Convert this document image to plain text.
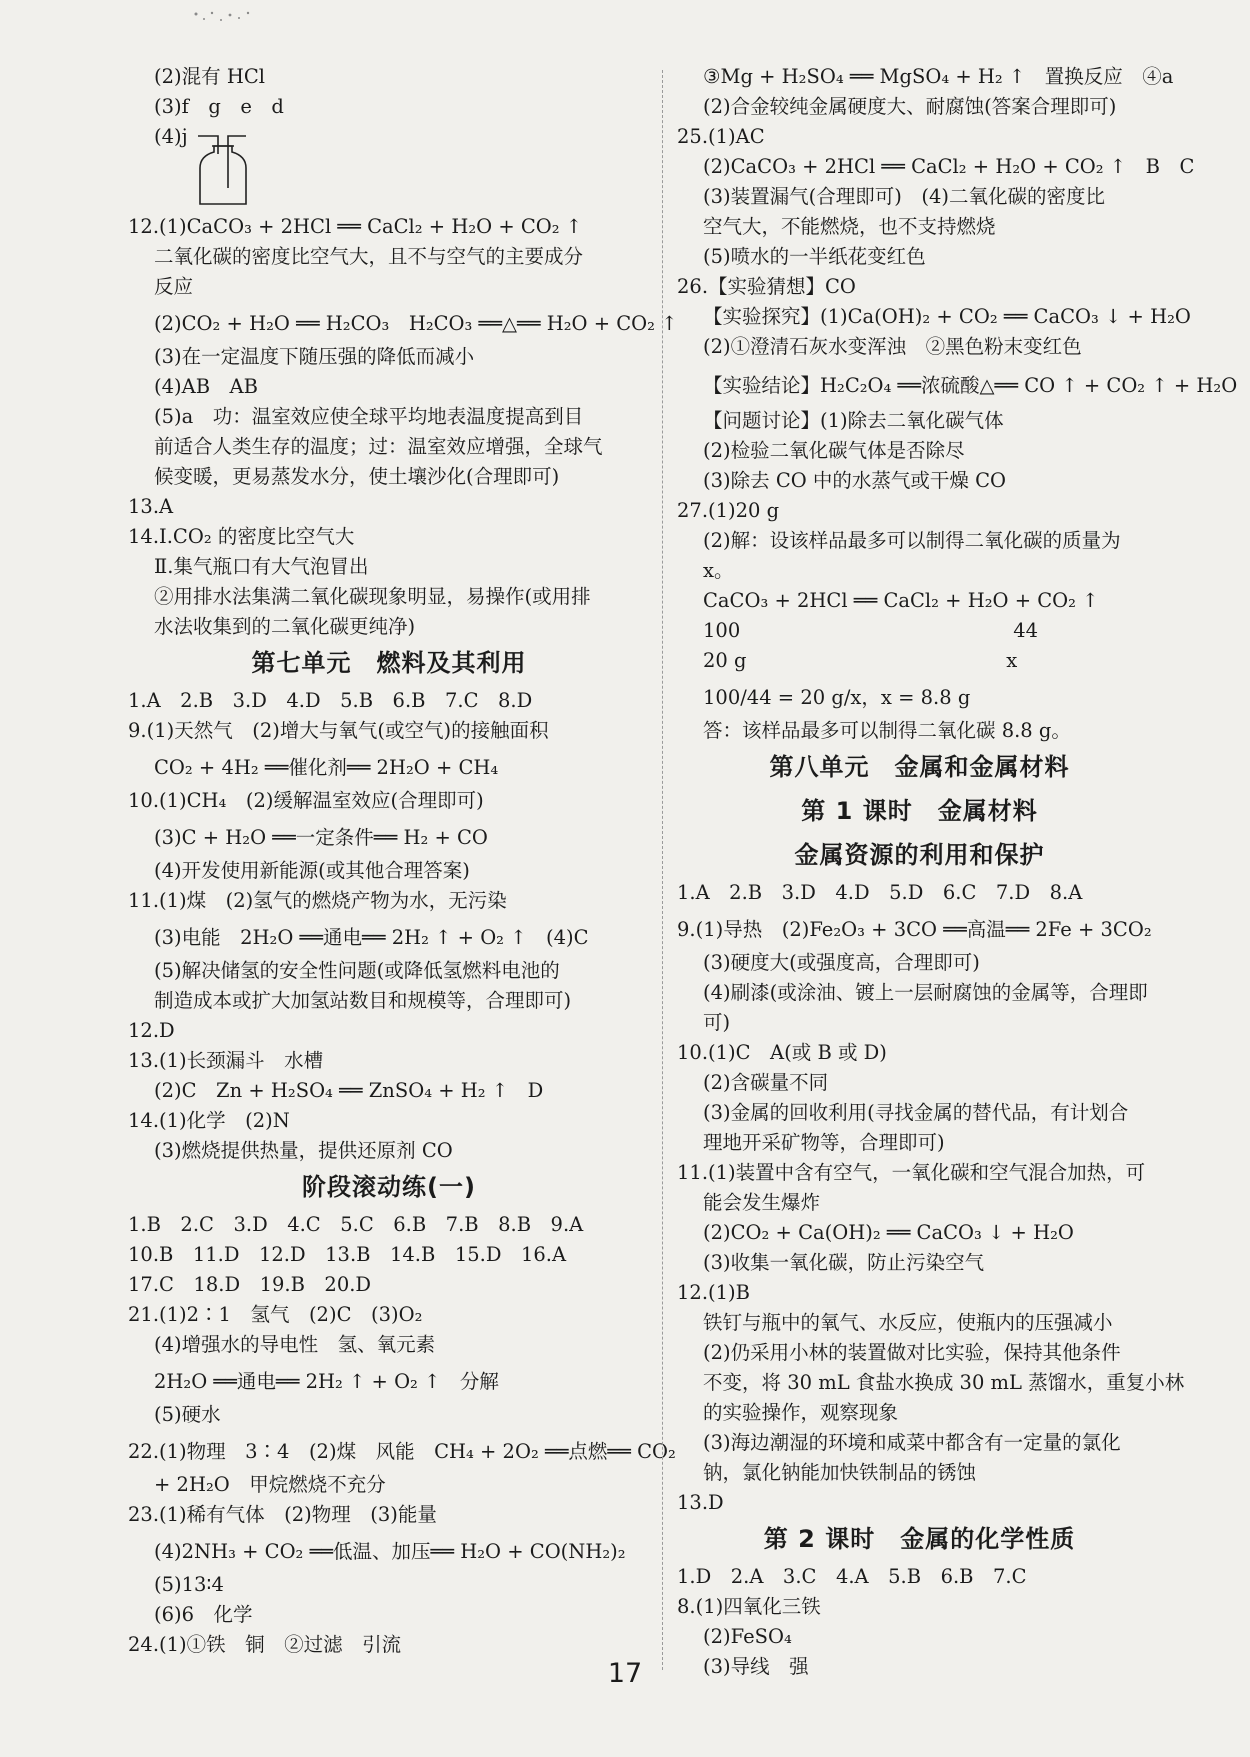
(2)混有 HCl
(3)f　g　e　d
(4)j
12.(1)CaCO₃ + 2HCl ══ CaCl₂ + H₂O + CO₂ ↑
二氧化碳的密度比空气大，且不与空气的主要成分
反应
(2)CO₂ + H₂O ══ H₂CO₃　H₂CO₃ ══△══ H₂O + CO₂ ↑
(3)在一定温度下随压强的降低而减小
(4)AB　AB
(5)a　功：温室效应使全球平均地表温度提高到目
前适合人类生存的温度；过：温室效应增强，全球气
候变暖，更易蒸发水分，使土壤沙化(合理即可)
13.A
14.Ⅰ.CO₂ 的密度比空气大
Ⅱ.集气瓶口有大气泡冒出
②用排水法集满二氧化碳现象明显，易操作(或用排
水法收集到的二氧化碳更纯净)
第七单元　燃料及其利用
1.A　2.B　3.D　4.D　5.B　6.B　7.C　8.D
9.(1)天然气　(2)增大与氧气(或空气)的接触面积
CO₂ + 4H₂ ══催化剂══ 2H₂O + CH₄
10.(1)CH₄　(2)缓解温室效应(合理即可)
(3)C + H₂O ══一定条件══ H₂ + CO
(4)开发使用新能源(或其他合理答案)
11.(1)煤　(2)氢气的燃烧产物为水，无污染
(3)电能　2H₂O ══通电══ 2H₂ ↑ + O₂ ↑　(4)C
(5)解决储氢的安全性问题(或降低氢燃料电池的
制造成本或扩大加氢站数目和规模等，合理即可)
12.D
13.(1)长颈漏斗　水槽
(2)C　Zn + H₂SO₄ ══ ZnSO₄ + H₂ ↑　D
14.(1)化学　(2)N
(3)燃烧提供热量，提供还原剂 CO
阶段滚动练(一)
1.B　2.C　3.D　4.C　5.C　6.B　7.B　8.B　9.A
10.B　11.D　12.D　13.B　14.B　15.D　16.A
17.C　18.D　19.B　20.D
21.(1)2∶1　氢气　(2)C　(3)O₂
(4)增强水的导电性　氢、氧元素
2H₂O ══通电══ 2H₂ ↑ + O₂ ↑　分解
(5)硬水
22.(1)物理　3∶4　(2)煤　风能　CH₄ + 2O₂ ══点燃══ CO₂
+ 2H₂O　甲烷燃烧不充分
23.(1)稀有气体　(2)物理　(3)能量
(4)2NH₃ + CO₂ ══低温、加压══ H₂O + CO(NH₂)₂
(5)13∶4
(6)6　化学
24.(1)①铁　铜　②过滤　引流
③Mg + H₂SO₄ ══ MgSO₄ + H₂ ↑　置换反应　④a
(2)合金较纯金属硬度大、耐腐蚀(答案合理即可)
25.(1)AC
(2)CaCO₃ + 2HCl ══ CaCl₂ + H₂O + CO₂ ↑　B　C
(3)装置漏气(合理即可)　(4)二氧化碳的密度比
空气大，不能燃烧，也不支持燃烧
(5)喷水的一半纸花变红色
26.【实验猜想】CO
【实验探究】(1)Ca(OH)₂ + CO₂ ══ CaCO₃ ↓ + H₂O
(2)①澄清石灰水变浑浊　②黑色粉末变红色
【实验结论】H₂C₂O₄ ══浓硫酸△══ CO ↑ + CO₂ ↑ + H₂O
【问题讨论】(1)除去二氧化碳气体
(2)检验二氧化碳气体是否除尽
(3)除去 CO 中的水蒸气或干燥 CO
27.(1)20 g
(2)解：设该样品最多可以制得二氧化碳的质量为
x。
CaCO₃ + 2HCl ══ CaCl₂ + H₂O + CO₂ ↑
100　　　　　　　　　　　　　　44
20 g　　　　　　　　　　　　　 x
100/44 = 20 g/x，x = 8.8 g
答：该样品最多可以制得二氧化碳 8.8 g。
第八单元　金属和金属材料
第 1 课时　金属材料
金属资源的利用和保护
1.A　2.B　3.D　4.D　5.D　6.C　7.D　8.A
9.(1)导热　(2)Fe₂O₃ + 3CO ══高温══ 2Fe + 3CO₂
(3)硬度大(或强度高，合理即可)
(4)刷漆(或涂油、镀上一层耐腐蚀的金属等，合理即
可)
10.(1)C　A(或 B 或 D)
(2)含碳量不同
(3)金属的回收利用(寻找金属的替代品，有计划合
理地开采矿物等，合理即可)
11.(1)装置中含有空气，一氧化碳和空气混合加热，可
能会发生爆炸
(2)CO₂ + Ca(OH)₂ ══ CaCO₃ ↓ + H₂O
(3)收集一氧化碳，防止污染空气
12.(1)B
铁钉与瓶中的氧气、水反应，使瓶内的压强减小
(2)仍采用小林的装置做对比实验，保持其他条件
不变，将 30 mL 食盐水换成 30 mL 蒸馏水，重复小林
的实验操作，观察现象
(3)海边潮湿的环境和咸菜中都含有一定量的氯化
钠，氯化钠能加快铁制品的锈蚀
13.D
第 2 课时　金属的化学性质
1.D　2.A　3.C　4.A　5.B　6.B　7.C
8.(1)四氧化三铁
(2)FeSO₄
(3)导线　强
17
